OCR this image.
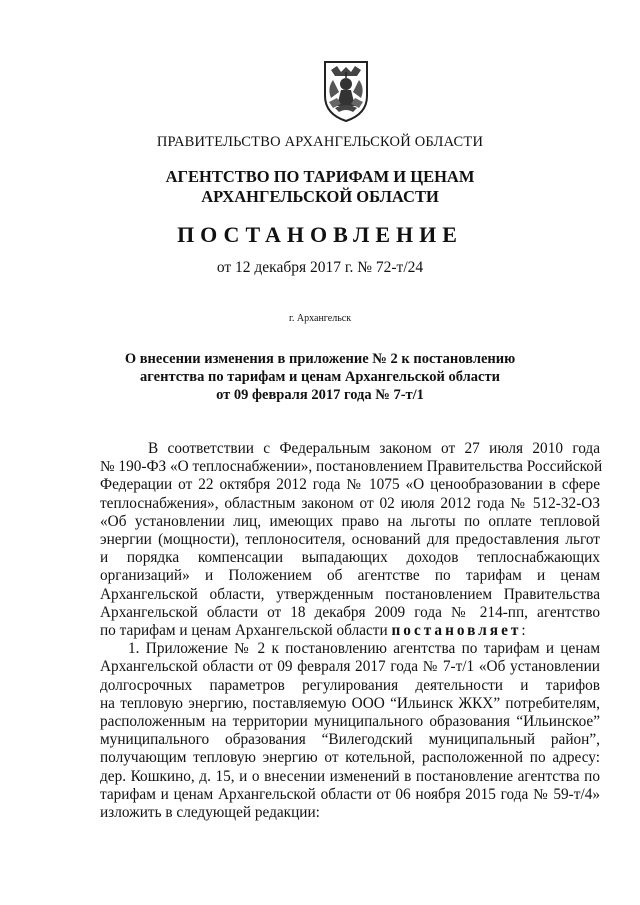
ПРАВИТЕЛЬСТВО АРХАНГЕЛЬСКОЙ ОБЛАСТИ
АГЕНТСТВО ПО ТАРИФАМ И ЦЕНАМ
АРХАНГЕЛЬСКОЙ ОБЛАСТИ
ПОСТАНОВЛЕНИЕ
от 12 декабря 2017 г. № 72-т/24
г. Архангельск
О внесении изменения в приложение № 2 к постановлению
агентства по тарифам и ценам Архангельской области
от 09 февраля 2017 года № 7-т/1

В соответствии с Федеральным законом от 27 июля 2010 года
№ 190-ФЗ «О теплоснабжении», постановлением Правительства Российской
Федерации от 22 октября 2012 года № 1075 «О ценообразовании в сфере
теплоснабжения», областным законом от 02 июля 2012 года № 512-32-ОЗ
«Об установлении лиц, имеющих право на льготы по оплате тепловой
энергии (мощности), теплоносителя, оснований для предоставления льгот
и порядка компенсации выпадающих доходов теплоснабжающих
организаций» и Положением об агентстве по тарифам и ценам
Архангельской области, утвержденным постановлением Правительства
Архангельской области от 18 декабря 2009 года № 214-пп, агентство
по тарифам и ценам Архангельской области постановляет:

1. Приложение № 2 к постановлению агентства по тарифам и ценам
Архангельской области от 09 февраля 2017 года № 7-т/1 «Об установлении
долгосрочных параметров регулирования деятельности и тарифов
на тепловую энергию, поставляемую ООО “Ильинск ЖКХ” потребителям,
расположенным на территории муниципального образования “Ильинское”
муниципального образования “Вилегодский муниципальный район”,
получающим тепловую энергию от котельной, расположенной по адресу:
дер. Кошкино, д. 15, и о внесении изменений в постановление агентства по
тарифам и ценам Архангельской области от 06 ноября 2015 года № 59-т/4»
изложить в следующей редакции:
